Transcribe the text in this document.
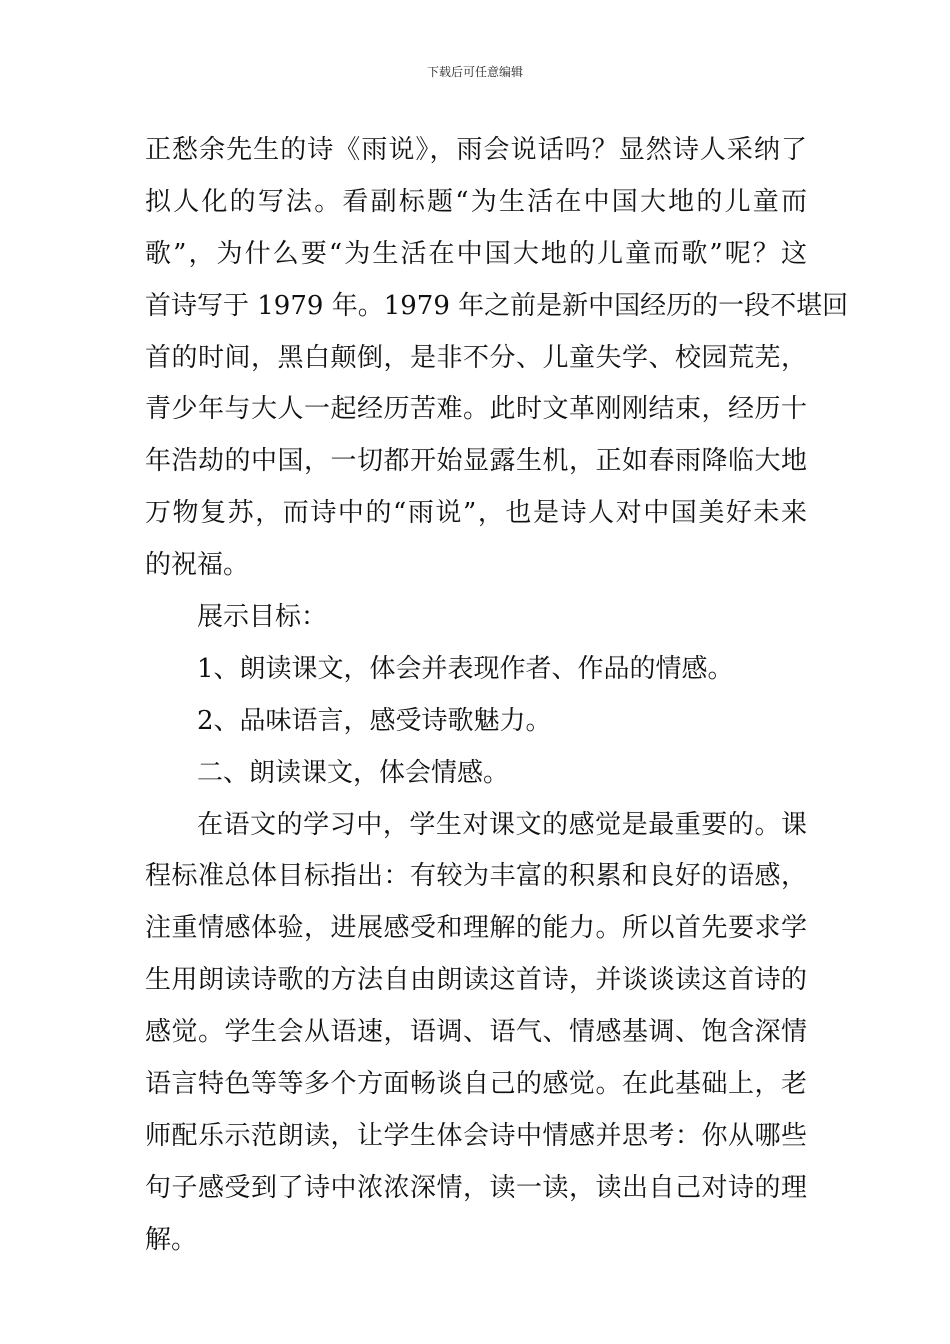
下载后可任意编辑
正愁余先生的诗《雨说》，雨会说话吗？显然诗人采纳了
拟人化的写法。看副标题“为生活在中国大地的儿童而
歌”，为什么要“为生活在中国大地的儿童而歌”呢？这
首诗写于 1979 年。1979 年之前是新中国经历的一段不堪回
首的时间，黑白颠倒，是非不分、儿童失学、校园荒芜，
青少年与大人一起经历苦难。此时文革刚刚结束，经历十
年浩劫的中国，一切都开始显露生机，正如春雨降临大地
万物复苏，而诗中的“雨说”，也是诗人对中国美好未来
的祝福。
展示目标：
1、朗读课文，体会并表现作者、作品的情感。
2、品味语言，感受诗歌魅力。
二、朗读课文，体会情感。
在语文的学习中，学生对课文的感觉是最重要的。课
程标准总体目标指出：有较为丰富的积累和良好的语感，
注重情感体验，进展感受和理解的能力。所以首先要求学
生用朗读诗歌的方法自由朗读这首诗，并谈谈读这首诗的
感觉。学生会从语速，语调、语气、情感基调、饱含深情
语言特色等等多个方面畅谈自己的感觉。在此基础上，老
师配乐示范朗读，让学生体会诗中情感并思考：你从哪些
句子感受到了诗中浓浓深情，读一读，读出自己对诗的理
解。
